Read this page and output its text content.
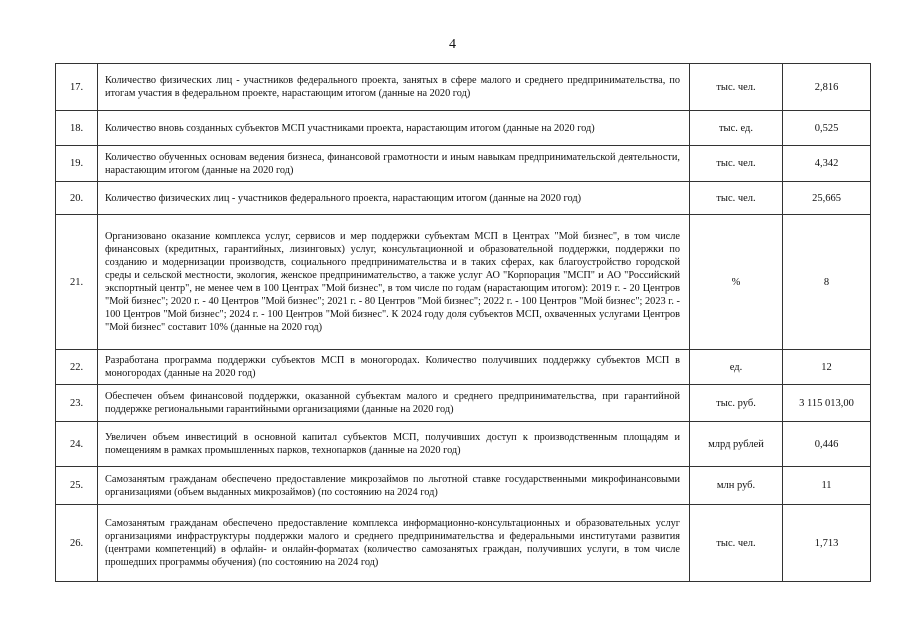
4
17.	Количество физических лиц - участников федерального проекта, занятых в сфере малого и среднего предпринимательства, по итогам участия в федеральном проекте, нарастающим итогом (данные на 2020 год)	тыс. чел.	2,816
18.	Количество вновь созданных субъектов МСП участниками проекта, нарастающим итогом (данные на 2020 год)	тыс. ед.	0,525
19.	Количество обученных основам ведения бизнеса, финансовой грамотности и иным навыкам предпринимательской деятельности, нарастающим итогом (данные на 2020 год)	тыс. чел.	4,342
20.	Количество физических лиц - участников федерального проекта, нарастающим итогом (данные на 2020 год)	тыс. чел.	25,665
21.	Организовано оказание комплекса услуг, сервисов и мер поддержки субъектам МСП в Центрах "Мой бизнес", в том числе финансовых (кредитных, гарантийных, лизинговых) услуг, консультационной и образовательной поддержки, поддержки по созданию и модернизации производств, социального предпринимательства и в таких сферах, как благоустройство городской среды и сельской местности, экология, женское предпринимательство, а также услуг АО "Корпорация "МСП" и АО "Российский экспортный центр", не менее чем в 100 Центрах "Мой бизнес", в том числе по годам (нарастающим итогом): 2019 г. - 20 Центров "Мой бизнес"; 2020 г. - 40 Центров "Мой бизнес"; 2021 г. - 80 Центров "Мой бизнес"; 2022 г. - 100 Центров "Мой бизнес"; 2023 г. - 100 Центров "Мой бизнес"; 2024 г. - 100 Центров "Мой бизнес". К 2024 году доля субъектов МСП, охваченных услугами Центров "Мой бизнес" составит 10% (данные на 2020 год)	%	8
22.	Разработана программа поддержки субъектов МСП в моногородах. Количество получивших поддержку субъектов МСП в моногородах (данные на 2020 год)	ед.	12
23.	Обеспечен объем финансовой поддержки, оказанной субъектам малого и среднего предпринимательства, при гарантийной поддержке региональными гарантийными организациями (данные на 2020 год)	тыс. руб.	3 115 013,00
24.	Увеличен объем инвестиций в основной капитал субъектов МСП, получивших доступ к производственным площадям и помещениям в рамках промышленных парков, технопарков (данные на 2020 год)	млрд рублей	0,446
25.	Самозанятым гражданам обеспечено предоставление микрозаймов по льготной ставке государственными микрофинансовыми организациями (объем выданных микрозаймов) (по состоянию на 2024 год)	млн руб.	11
26.	Самозанятым гражданам обеспечено предоставление комплекса информационно-консультационных и образовательных услуг организациями инфраструктуры поддержки малого и среднего предпринимательства и федеральными институтами развития (центрами компетенций) в офлайн- и онлайн-форматах (количество самозанятых граждан, получивших услуги, в том числе прошедших программы обучения) (по состоянию на 2024 год)	тыс. чел.	1,713
